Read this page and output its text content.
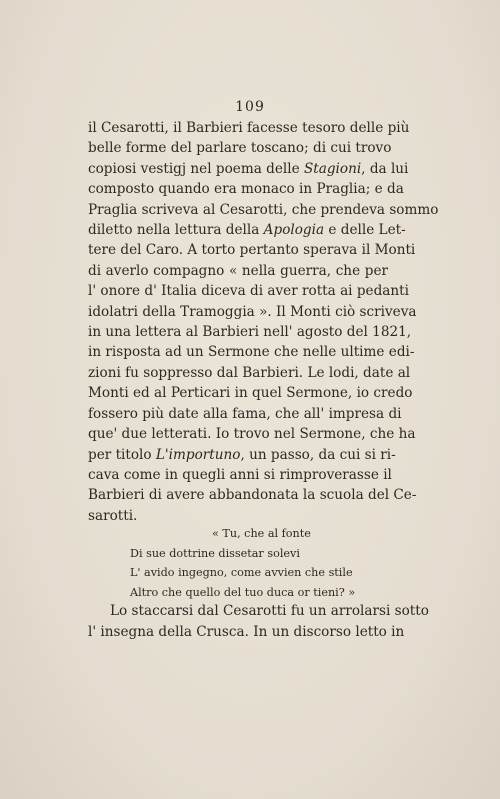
109
il Cesarotti, il Barbieri facesse tesoro delle più
belle forme del parlare toscano; di cui trovo
copiosi vestigj nel poema delle Stagioni, da lui
composto quando era monaco in Praglia; e da
Praglia scriveva al Cesarotti, che prendeva sommo
diletto nella lettura della Apologia e delle Let-
tere del Caro. A torto pertanto sperava il Monti
di averlo compagno « nella guerra, che per
l' onore d' Italia diceva di aver rotta ai pedanti
idolatri della Tramoggia ». Il Monti ciò scriveva
in una lettera al Barbieri nell' agosto del 1821,
in risposta ad un Sermone che nelle ultime edi-
zioni fu soppresso dal Barbieri. Le lodi, date al
Monti ed al Perticari in quel Sermone, io credo
fossero più date alla fama, che all' impresa di
que' due letterati. Io trovo nel Sermone, che ha
per titolo L'importuno, un passo, da cui si ri-
cava come in quegli anni si rimproverasse il
Barbieri di avere abbandonata la scuola del Ce-
sarotti.
« Tu, che al fonte
Di sue dottrine dissetar solevi
L' avido ingegno, come avvien che stile
Altro che quello del tuo duca or tieni? »
Lo staccarsi dal Cesarotti fu un arrolarsi sotto
l' insegna della Crusca. In un discorso letto in
